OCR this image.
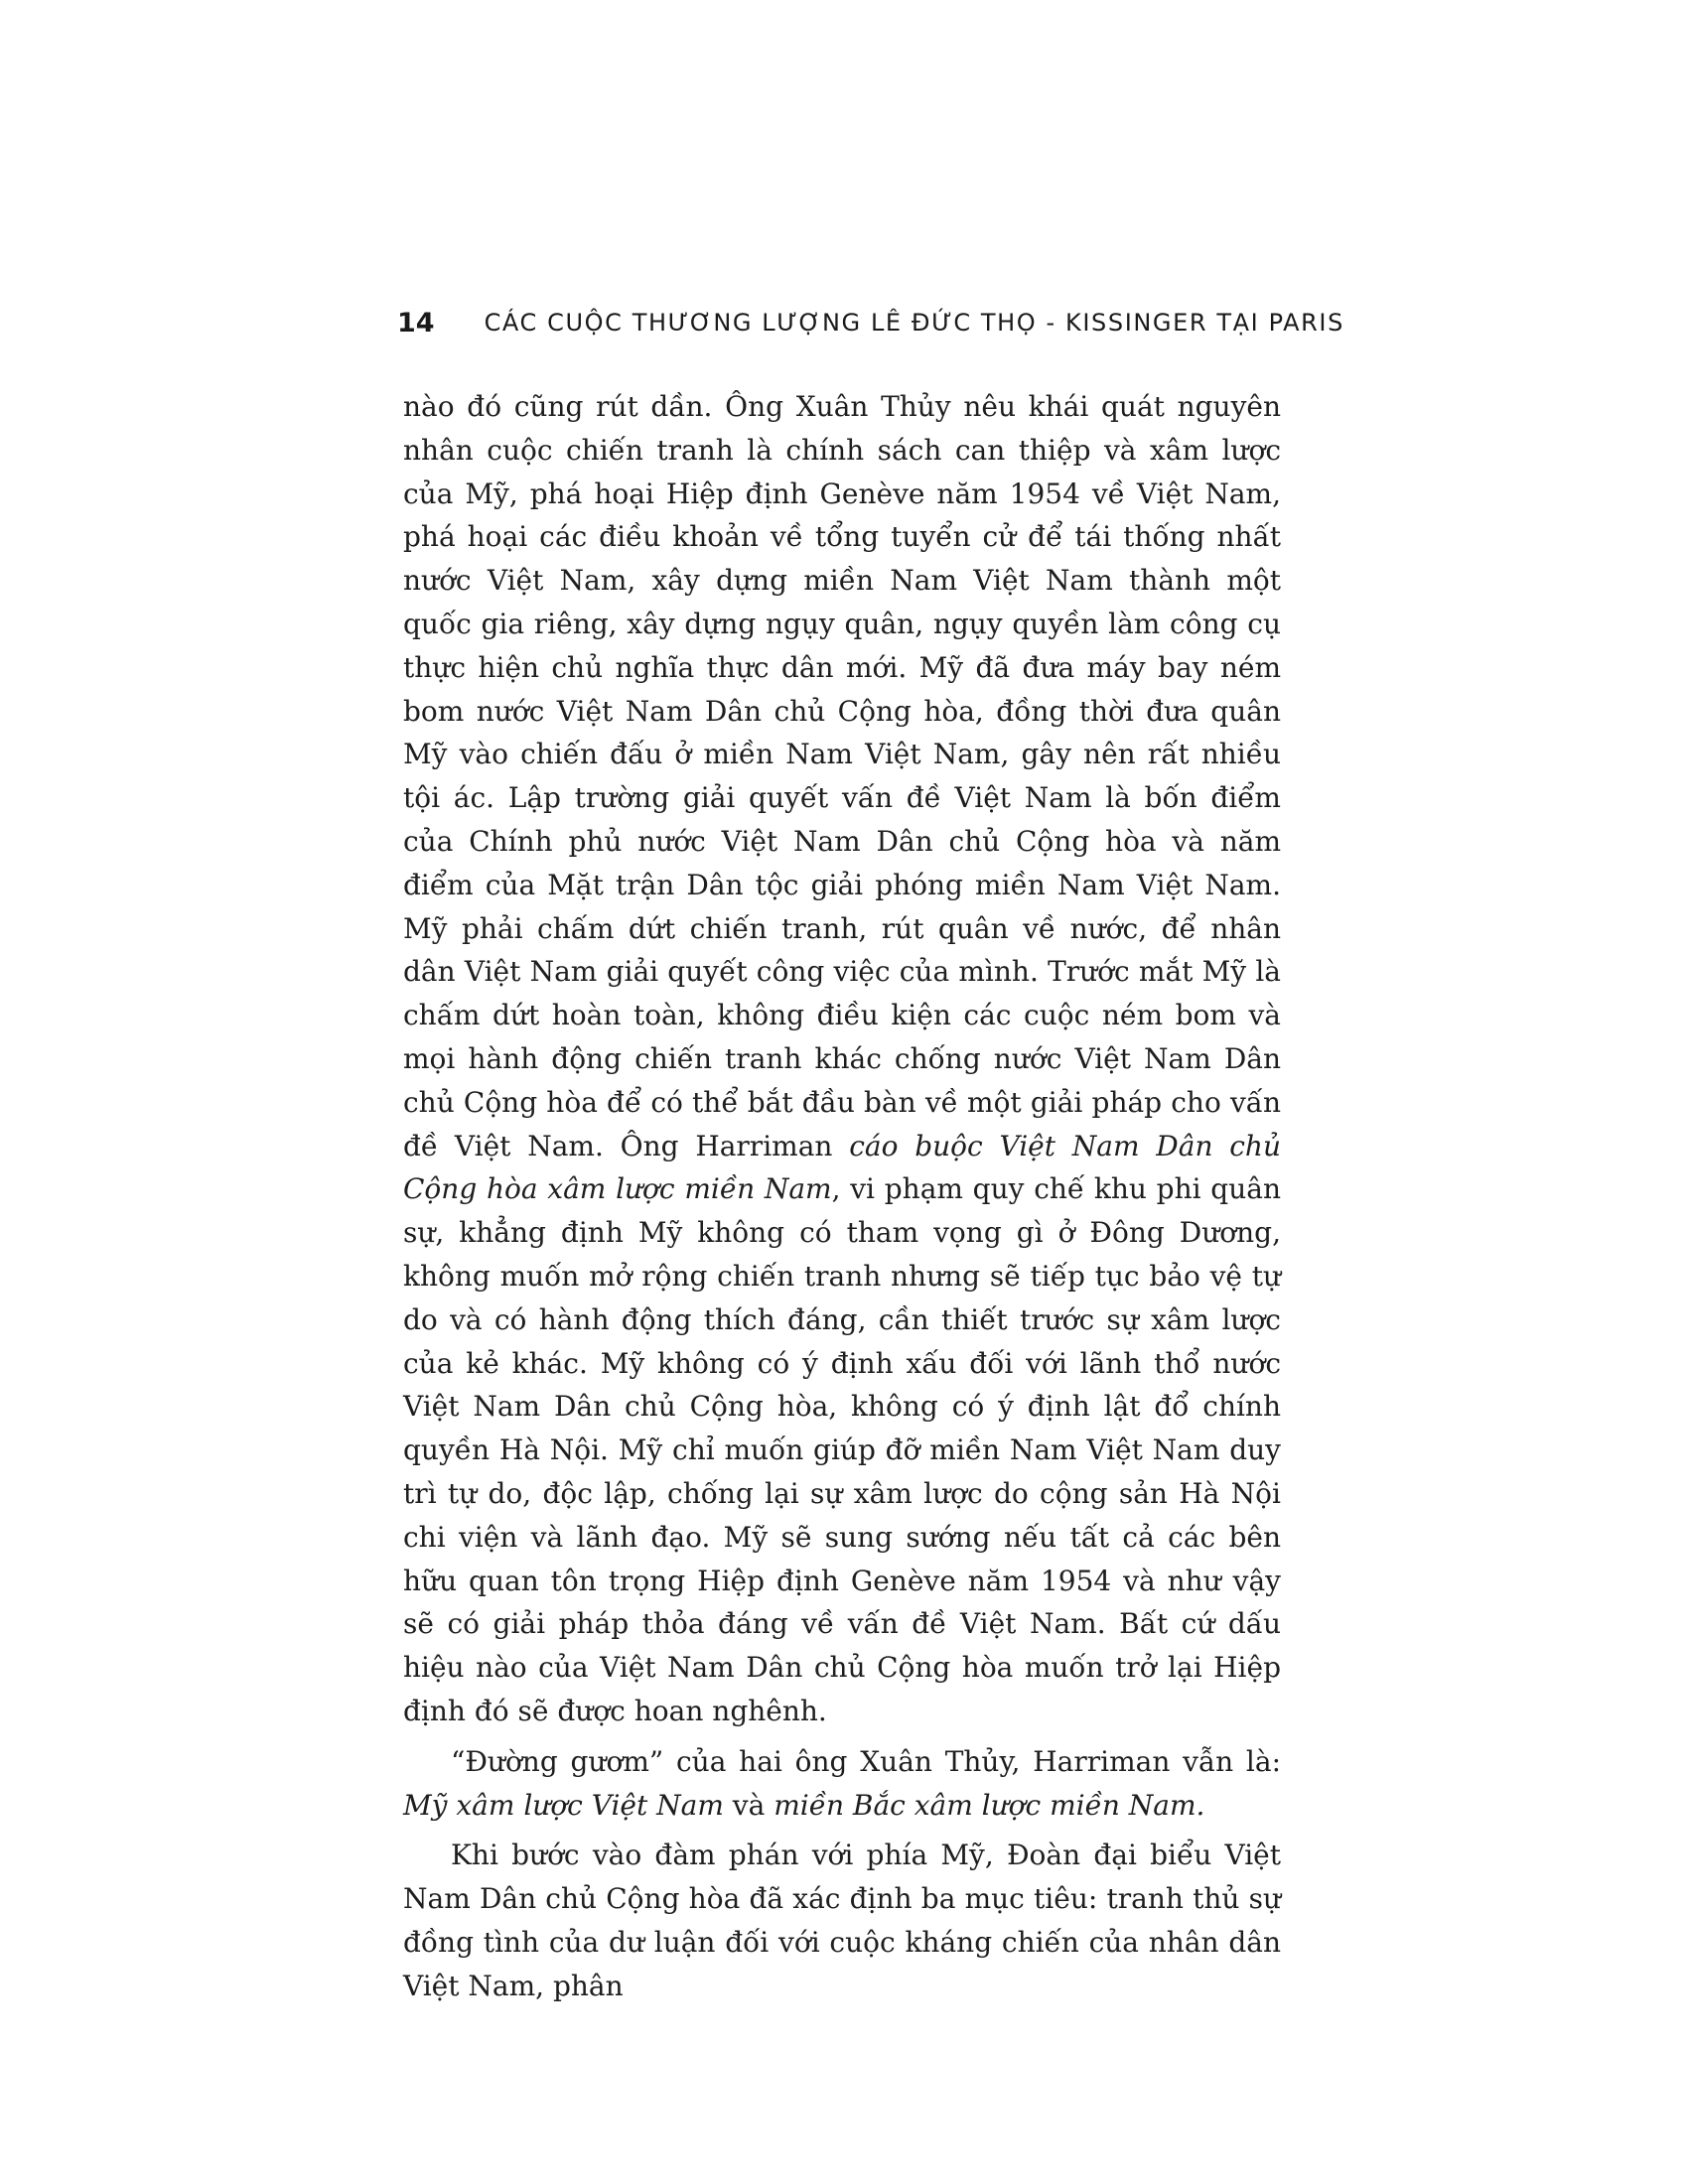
14 CÁC CUỘC THƯƠNG LƯỢNG LÊ ĐỨC THỌ - KISSINGER TẠI PARIS

nào đó cũng rút dần. Ông Xuân Thủy nêu khái quát nguyên nhân cuộc chiến tranh là chính sách can thiệp và xâm lược của Mỹ, phá hoại Hiệp định Genève năm 1954 về Việt Nam, phá hoại các điều khoản về tổng tuyển cử để tái thống nhất nước Việt Nam, xây dựng miền Nam Việt Nam thành một quốc gia riêng, xây dựng ngụy quân, ngụy quyền làm công cụ thực hiện chủ nghĩa thực dân mới. Mỹ đã đưa máy bay ném bom nước Việt Nam Dân chủ Cộng hòa, đồng thời đưa quân Mỹ vào chiến đấu ở miền Nam Việt Nam, gây nên rất nhiều tội ác. Lập trường giải quyết vấn đề Việt Nam là bốn điểm của Chính phủ nước Việt Nam Dân chủ Cộng hòa và năm điểm của Mặt trận Dân tộc giải phóng miền Nam Việt Nam. Mỹ phải chấm dứt chiến tranh, rút quân về nước, để nhân dân Việt Nam giải quyết công việc của mình. Trước mắt Mỹ là chấm dứt hoàn toàn, không điều kiện các cuộc ném bom và mọi hành động chiến tranh khác chống nước Việt Nam Dân chủ Cộng hòa để có thể bắt đầu bàn về một giải pháp cho vấn đề Việt Nam. Ông Harriman cáo buộc Việt Nam Dân chủ Cộng hòa xâm lược miền Nam, vi phạm quy chế khu phi quân sự, khẳng định Mỹ không có tham vọng gì ở Đông Dương, không muốn mở rộng chiến tranh nhưng sẽ tiếp tục bảo vệ tự do và có hành động thích đáng, cần thiết trước sự xâm lược của kẻ khác. Mỹ không có ý định xấu đối với lãnh thổ nước Việt Nam Dân chủ Cộng hòa, không có ý định lật đổ chính quyền Hà Nội. Mỹ chỉ muốn giúp đỡ miền Nam Việt Nam duy trì tự do, độc lập, chống lại sự xâm lược do cộng sản Hà Nội chi viện và lãnh đạo. Mỹ sẽ sung sướng nếu tất cả các bên hữu quan tôn trọng Hiệp định Genève năm 1954 và như vậy sẽ có giải pháp thỏa đáng về vấn đề Việt Nam. Bất cứ dấu hiệu nào của Việt Nam Dân chủ Cộng hòa muốn trở lại Hiệp định đó sẽ được hoan nghênh.

“Đường gươm” của hai ông Xuân Thủy, Harriman vẫn là: Mỹ xâm lược Việt Nam và miền Bắc xâm lược miền Nam.

Khi bước vào đàm phán với phía Mỹ, Đoàn đại biểu Việt Nam Dân chủ Cộng hòa đã xác định ba mục tiêu: tranh thủ sự đồng tình của dư luận đối với cuộc kháng chiến của nhân dân Việt Nam, phân
